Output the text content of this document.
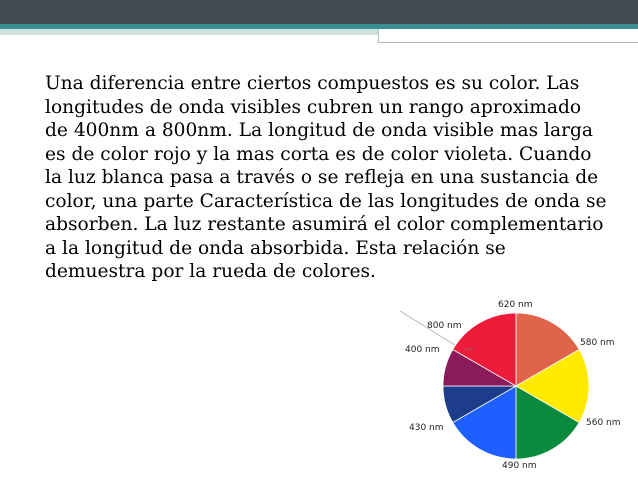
Una diferencia entre ciertos compuestos es su color. Las
longitudes de onda visibles cubren un rango aproximado
de 400nm a 800nm. La longitud de onda visible mas larga
es de color rojo y la mas corta es de color violeta. Cuando
la luz blanca pasa a través o se refleja en una sustancia de
color, una parte Característica de las longitudes de onda se
absorben. La luz restante asumirá el color complementario
a la longitud de onda absorbida. Esta relación se
demuestra por la rueda de colores.

620 nm
580 nm
560 nm
490 nm
430 nm
400 nm
800 nm
